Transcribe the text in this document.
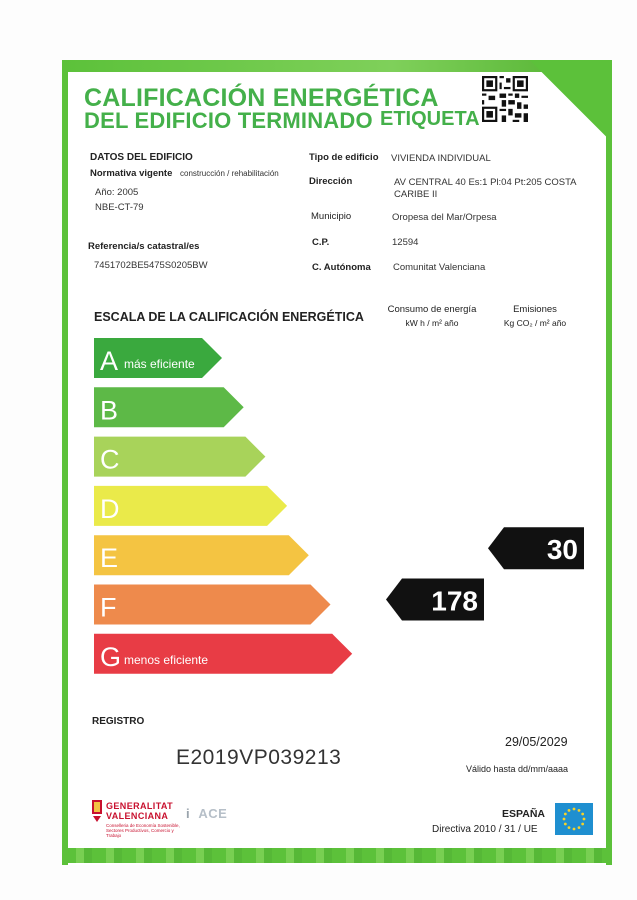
CALIFICACIÓN ENERGÉTICA
DEL EDIFICIO TERMINADO ETIQUETA
DATOS DEL EDIFICIO
Normativa vigente construcción / rehabilitación
Año: 2005
NBE-CT-79
Referencia/s catastral/es
7451702BE5475S0205BW
Tipo de edificio VIVIENDA INDIVIDUAL
Dirección	AV CENTRAL 40 Es:1 Pl:04 Pt:205 COSTA
CARIBE II
Municipio	Oropesa del Mar/Orpesa
C.P.	12594
C. Autónoma Comunitat Valenciana
ESCALA DE LA CALIFICACIÓN ENERGÉTICA
Consumo de energía
kW h / m² año
Emisiones
Kg CO₂ / m² año
A más eficiente
B
C
D
E
F
G menos eficiente
178
30
REGISTRO
E2019VP039213
29/05/2029
Válido hasta dd/mm/aaaa
GENERALITAT
VALENCIANA
Conselleria de Economía Sostenible, Sectores Productivos, Comercio y Trabajo
i ACE	ESPAÑA
Directiva 2010 / 31 / UE
